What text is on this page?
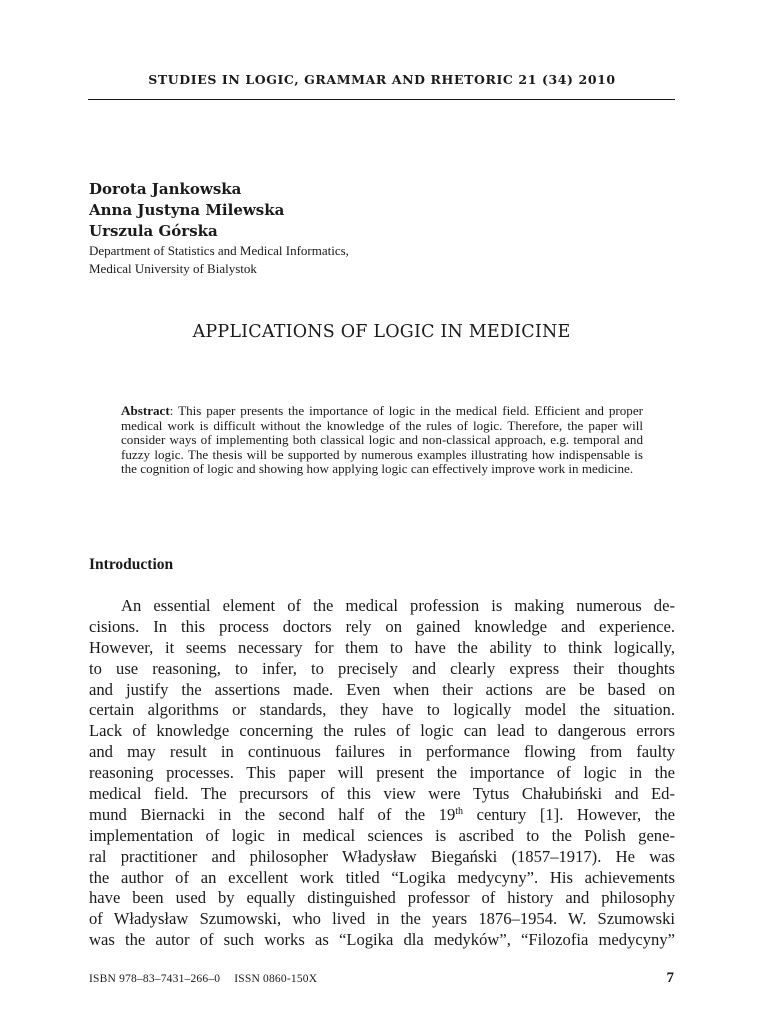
STUDIES IN LOGIC, GRAMMAR AND RHETORIC 21 (34) 2010
Dorota Jankowska
Anna Justyna Milewska
Urszula Górska
Department of Statistics and Medical Informatics,
Medical University of Bialystok
APPLICATIONS OF LOGIC IN MEDICINE
Abstract: This paper presents the importance of logic in the medical field. Efficient and proper medical work is difficult without the knowledge of the rules of logic. Therefore, the paper will consider ways of implementing both classical logic and non-classical approach, e.g. temporal and fuzzy logic. The thesis will be supported by numerous examples illustrating how indispensable is the cognition of logic and showing how applying logic can effectively improve work in medicine.
Introduction
An essential element of the medical profession is making numerous de-
cisions. In this process doctors rely on gained knowledge and experience.
However, it seems necessary for them to have the ability to think logically,
to use reasoning, to infer, to precisely and clearly express their thoughts
and justify the assertions made. Even when their actions are be based on
certain algorithms or standards, they have to logically model the situation.
Lack of knowledge concerning the rules of logic can lead to dangerous errors
and may result in continuous failures in performance flowing from faulty
reasoning processes. This paper will present the importance of logic in the
medical field. The precursors of this view were Tytus Chałubiński and Ed-
mund Biernacki in the second half of the 19th century [1]. However, the
implementation of logic in medical sciences is ascribed to the Polish gene-
ral practitioner and philosopher Władysław Biegański (1857–1917). He was
the author of an excellent work titled “Logika medycyny”. His achievements
have been used by equally distinguished professor of history and philosophy
of Władysław Szumowski, who lived in the years 1876–1954. W. Szumowski
was the autor of such works as “Logika dla medyków”, “Filozofia medycyny”
ISBN 978–83–7431–266–0 ISSN 0860-150X	7
